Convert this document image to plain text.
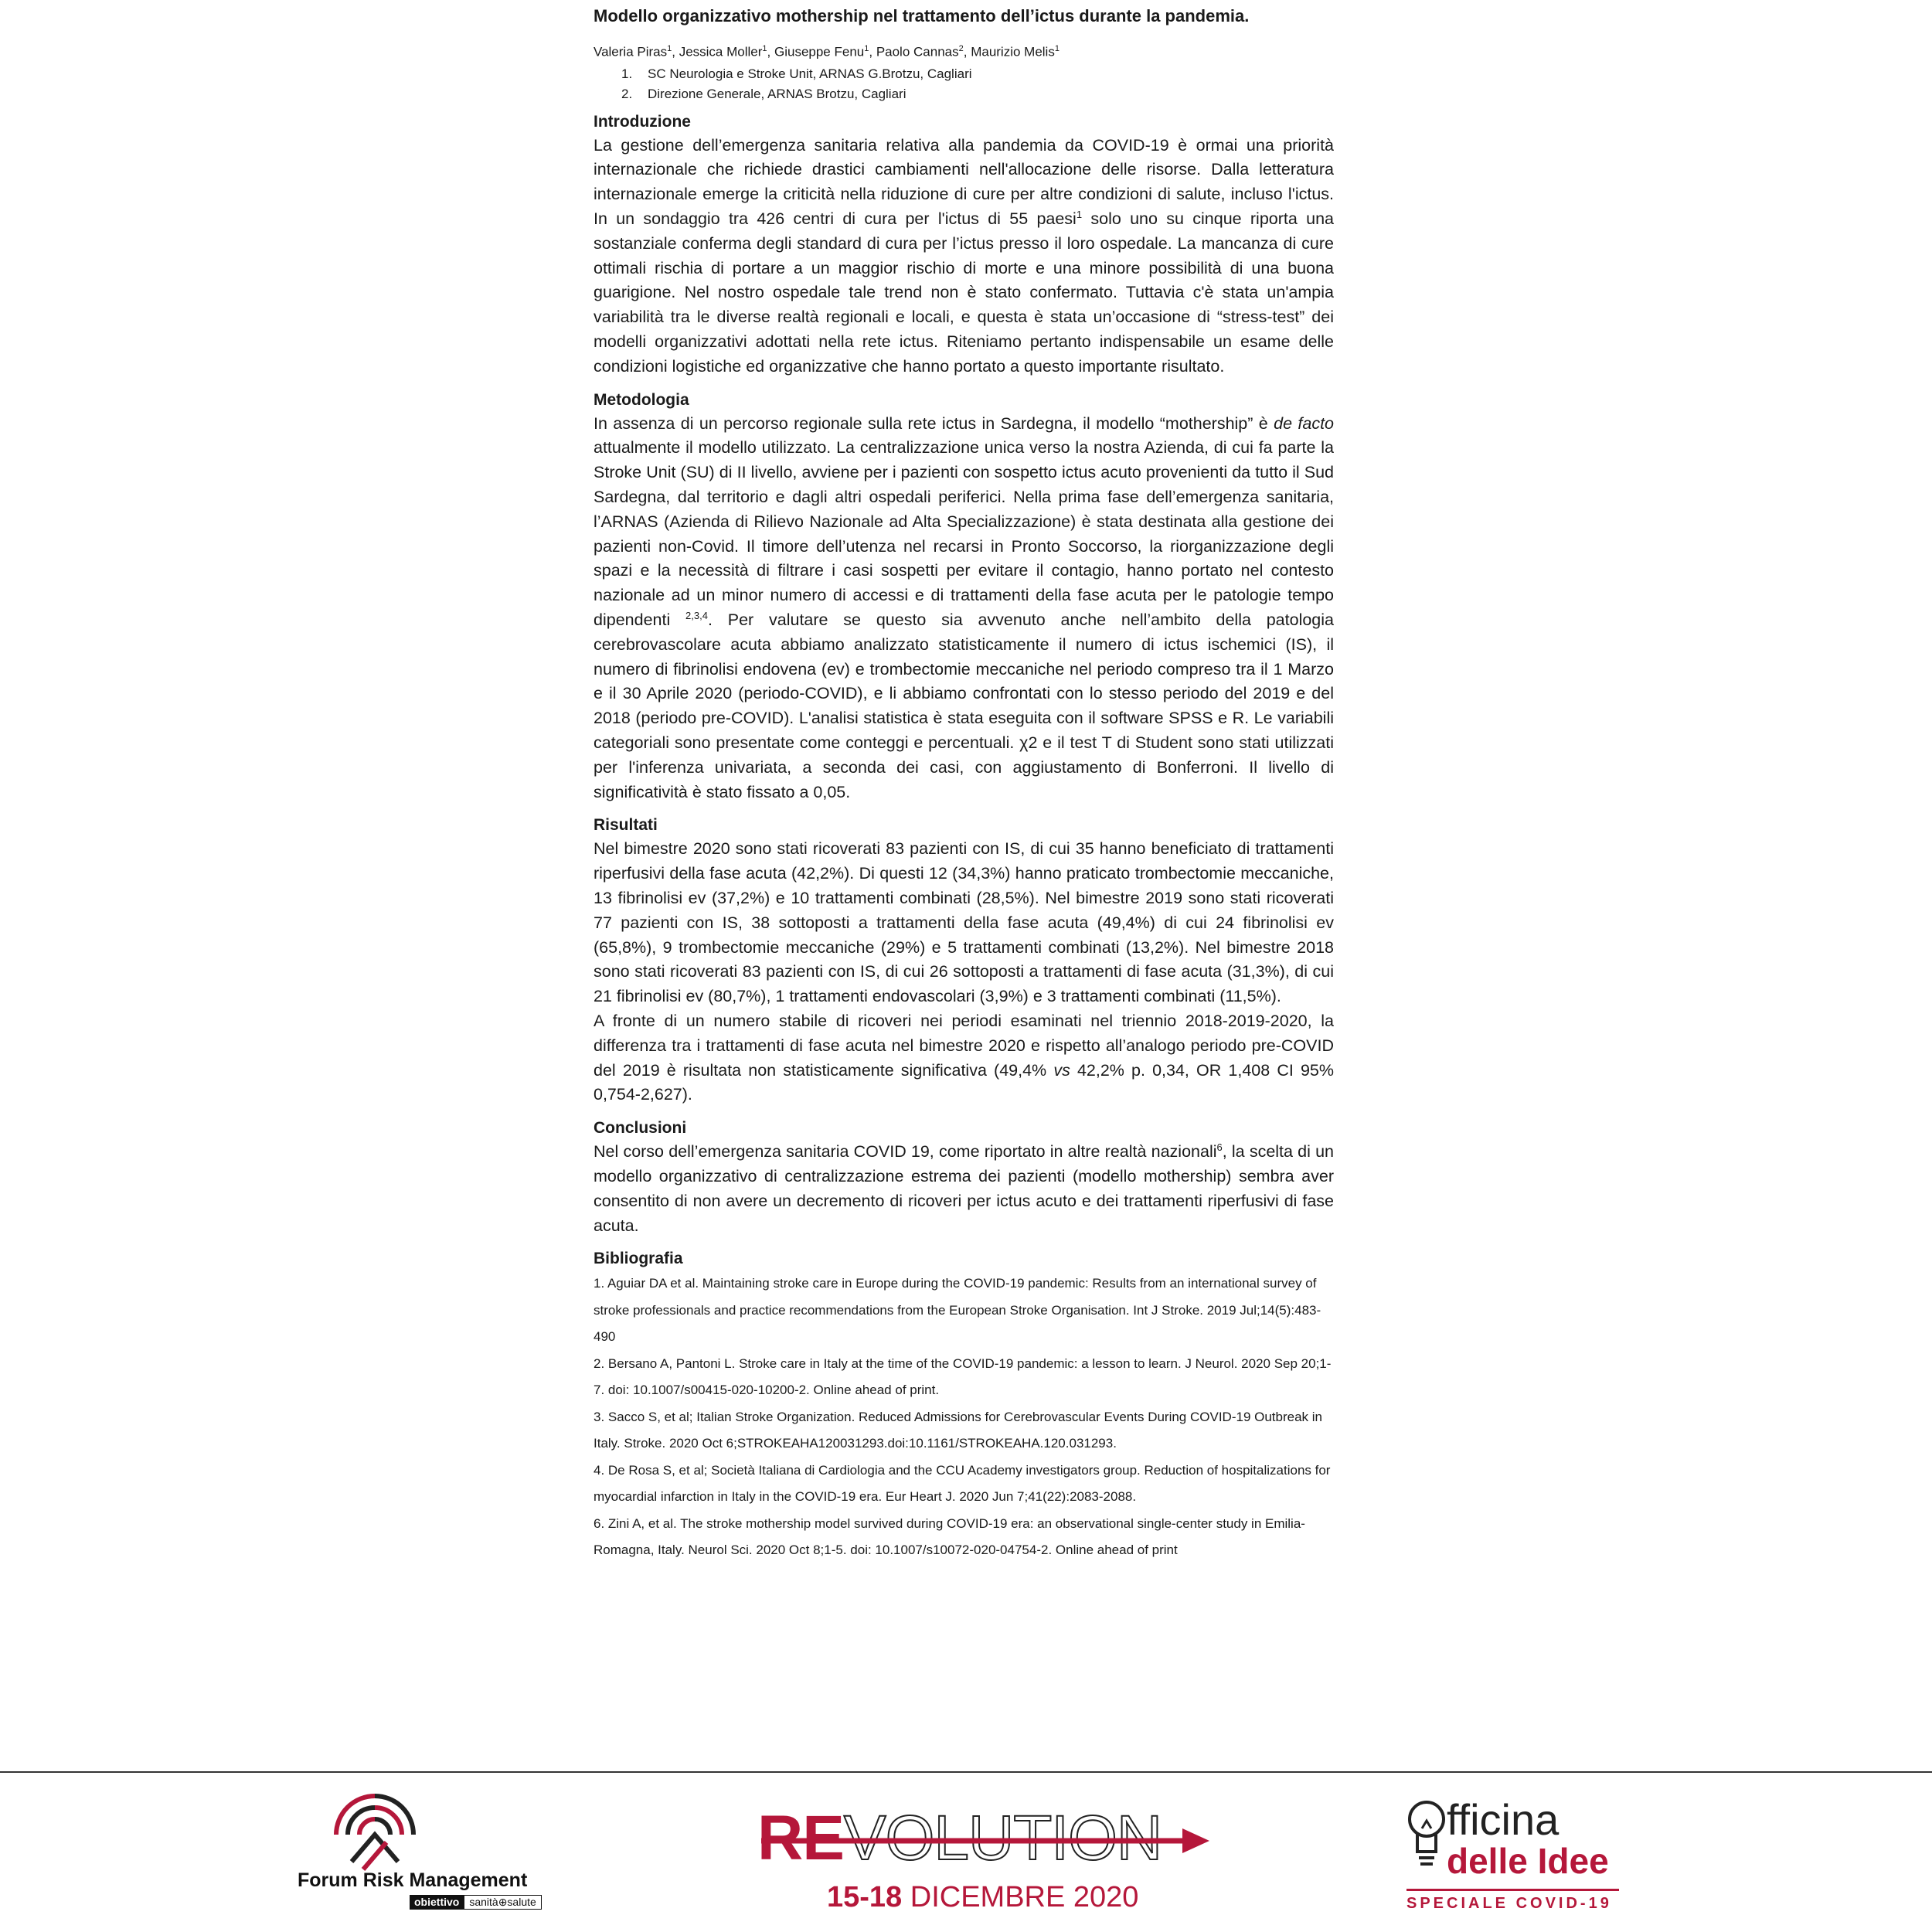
Modello organizzativo mothership nel trattamento dell’ictus durante la pandemia.
Valeria Piras$^1$, Jessica Moller$^1$, Giuseppe Fenu$^1$, Paolo Cannas$^2$, Maurizio Melis$^1$
1. SC Neurologia e Stroke Unit, ARNAS G.Brotzu, Cagliari
2. Direzione Generale, ARNAS Brotzu, Cagliari
Introduzione

La gestione dell’emergenza sanitaria relativa alla pandemia da COVID-19 è ormai una priorità internazionale che richiede drastici cambiamenti nell'allocazione delle risorse. Dalla letteratura internazionale emerge la criticità nella riduzione di cure per altre condizioni di salute, incluso l'ictus. In un sondaggio tra 426 centri di cura per l'ictus di 55 paesi$^1$ solo uno su cinque riporta una sostanziale conferma degli standard di cura per l’ictus presso il loro ospedale. La mancanza di cure ottimali rischia di portare a un maggior rischio di morte e una minore possibilità di una buona guarigione. Nel nostro ospedale tale trend non è stato confermato. Tuttavia c'è stata un'ampia variabilità tra le diverse realtà regionali e locali, e questa è stata un’occasione di “stress-test” dei modelli organizzativi adottati nella rete ictus. Riteniamo pertanto indispensabile un esame delle condizioni logistiche ed organizzative che hanno portato a questo importante risultato.

Metodologia

In assenza di un percorso regionale sulla rete ictus in Sardegna, il modello “mothership” è de facto attualmente il modello utilizzato. La centralizzazione unica verso la nostra Azienda, di cui fa parte la Stroke Unit (SU) di II livello, avviene per i pazienti con sospetto ictus acuto provenienti da tutto il Sud Sardegna, dal territorio e dagli altri ospedali periferici. Nella prima fase dell’emergenza sanitaria, l’ARNAS (Azienda di Rilievo Nazionale ad Alta Specializzazione) è stata destinata alla gestione dei pazienti non-Covid. Il timore dell’utenza nel recarsi in Pronto Soccorso, la riorganizzazione degli spazi e la necessità di filtrare i casi sospetti per evitare il contagio, hanno portato nel contesto nazionale ad un minor numero di accessi e di trattamenti della fase acuta per le patologie tempo dipendenti $^{2,3,4}$. Per valutare se questo sia avvenuto anche nell’ambito della patologia cerebrovascolare acuta abbiamo analizzato statisticamente il numero di ictus ischemici (IS), il numero di fibrinolisi endovena (ev) e trombectomie meccaniche nel periodo compreso tra il 1 Marzo e il 30 Aprile 2020 (periodo-COVID), e li abbiamo confrontati con lo stesso periodo del 2019 e del 2018 (periodo pre-COVID). L'analisi statistica è stata eseguita con il software SPSS e R. Le variabili categoriali sono presentate come conteggi e percentuali. χ2 e il test T di Student sono stati utilizzati per l'inferenza univariata, a seconda dei casi, con aggiustamento di Bonferroni. Il livello di significatività è stato fissato a 0,05.

Risultati

Nel bimestre 2020 sono stati ricoverati 83 pazienti con IS, di cui 35 hanno beneficiato di trattamenti riperfusivi della fase acuta (42,2%). Di questi 12 (34,3%) hanno praticato trombectomie meccaniche, 13 fibrinolisi ev (37,2%) e 10 trattamenti combinati (28,5%). Nel bimestre 2019 sono stati ricoverati 77 pazienti con IS, 38 sottoposti a trattamenti della fase acuta (49,4%) di cui 24 fibrinolisi ev (65,8%), 9 trombectomie meccaniche (29%) e 5 trattamenti combinati (13,2%). Nel bimestre 2018 sono stati ricoverati 83 pazienti con IS, di cui 26 sottoposti a trattamenti di fase acuta (31,3%), di cui 21 fibrinolisi ev (80,7%), 1 trattamenti endovascolari (3,9%) e 3 trattamenti combinati (11,5%).

A fronte di un numero stabile di ricoveri nei periodi esaminati nel triennio 2018-2019-2020, la differenza tra i trattamenti di fase acuta nel bimestre 2020 e rispetto all’analogo periodo pre-COVID del 2019 è risultata non statisticamente significativa (49,4% vs 42,2% p. 0,34, OR 1,408 CI 95% 0,754-2,627).

Conclusioni

Nel corso dell’emergenza sanitaria COVID 19, come riportato in altre realtà nazionali$^6$, la scelta di un modello organizzativo di centralizzazione estrema dei pazienti (modello mothership) sembra aver consentito di non avere un decremento di ricoveri per ictus acuto e dei trattamenti riperfusivi di fase acuta.

Bibliografia

1. Aguiar DA et al. Maintaining stroke care in Europe during the COVID-19 pandemic: Results from an international survey of stroke professionals and practice recommendations from the European Stroke Organisation. Int J Stroke. 2019 Jul;14(5):483-490

2. Bersano A, Pantoni L. Stroke care in Italy at the time of the COVID-19 pandemic: a lesson to learn. J Neurol. 2020 Sep 20;1-7. doi: 10.1007/s00415-020-10200-2. Online ahead of print.

3. Sacco S, et al; Italian Stroke Organization. Reduced Admissions for Cerebrovascular Events During COVID-19 Outbreak in Italy. Stroke. 2020 Oct 6;STROKEAHA120031293.doi:10.1161/STROKEAHA.120.031293.

4. De Rosa S, et al; Società Italiana di Cardiologia and the CCU Academy investigators group. Reduction of hospitalizations for myocardial infarction in Italy in the COVID-19 era. Eur Heart J. 2020 Jun 7;41(22):2083-2088.

6. Zini A, et al. The stroke mothership model survived during COVID-19 era: an observational single-center study in Emilia-Romagna, Italy. Neurol Sci. 2020 Oct 8;1-5. doi: 10.1007/s10072-020-04754-2. Online ahead of print

Forum Risk Management
obiettivo sanità⊕salute
REVOLUTION
15-18 DICEMBRE 2020
fficina
delle Idee
SPECIALE COVID-19
